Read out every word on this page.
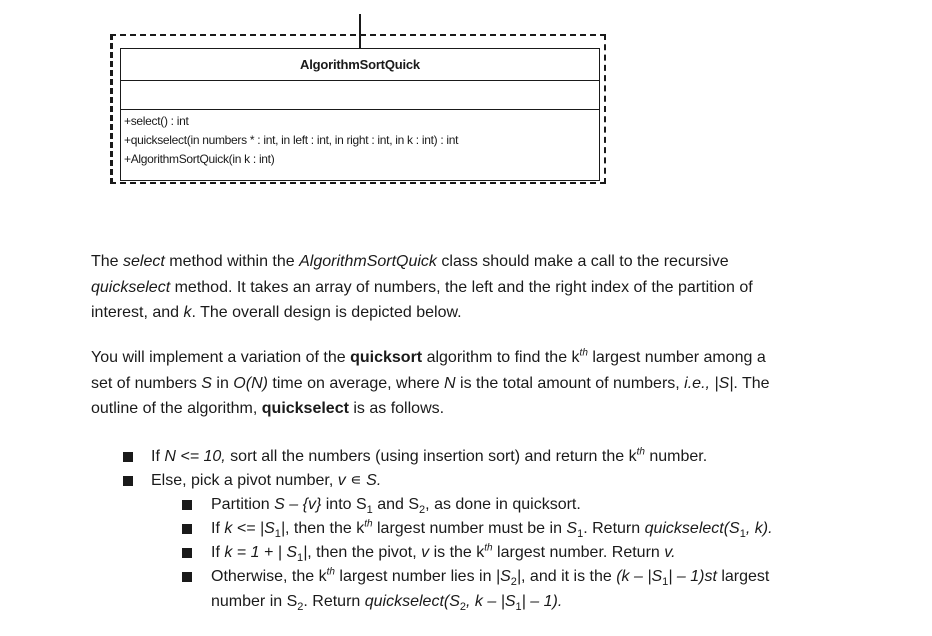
AlgorithmSortQuick
+select() : int
+quickselect(in numbers * : int, in left : int, in right : int, in k : int) : int
+AlgorithmSortQuick(in k : int)

The select method within the AlgorithmSortQuick class should make a call to the recursive
quickselect method. It takes an array of numbers, the left and the right index of the partition of
interest, and k. The overall design is depicted below.

You will implement a variation of the quicksort algorithm to find the $k^{th}$ largest number among a
set of numbers S in O(N) time on average, where N is the total amount of numbers, i.e., |S|. The
outline of the algorithm, quickselect is as follows.

If N <= 10, sort all the numbers (using insertion sort) and return the $k^{th}$ number.
Else, pick a pivot number, v ∊ S.
Partition S – {v} into $S_1$ and $S_2$, as done in quicksort.
If $k <= |S_1|$, then the $k^{th}$ largest number must be in $S_1$. Return $quickselect(S_1$, k).
If k = 1 + | $S_1|$, then the pivot, v is the $k^{th}$ largest number. Return v.
Otherwise, the $k^{th}$ largest number lies in $|S_2|$, and it is the $(k - |S_1| - 1)st$ largest
number in $S_2$. Return $quickselect(S_2$, k – $|S_1| - 1$).
